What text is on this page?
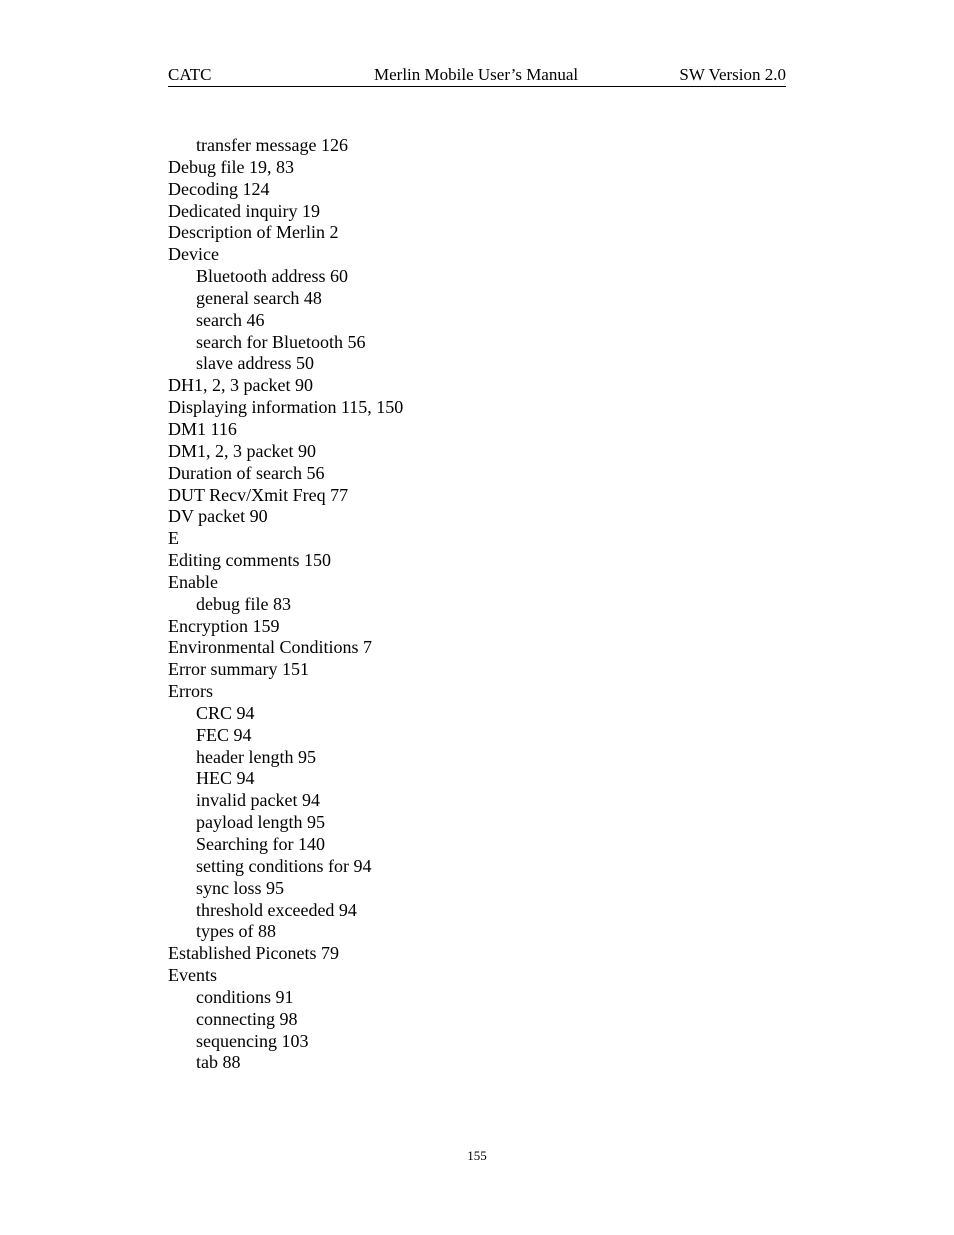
CATC	Merlin Mobile User’s Manual	SW Version 2.0
transfer message 126
Debug file 19, 83
Decoding 124
Dedicated inquiry 19
Description of Merlin 2
Device
Bluetooth address 60
general search 48
search 46
search for Bluetooth 56
slave address 50
DH1, 2, 3 packet 90
Displaying information 115, 150
DM1 116
DM1, 2, 3 packet 90
Duration of search 56
DUT Recv/Xmit Freq 77
DV packet 90
E
Editing comments 150
Enable
debug file 83
Encryption 159
Environmental Conditions 7
Error summary 151
Errors
CRC 94
FEC 94
header length 95
HEC 94
invalid packet 94
payload length 95
Searching for 140
setting conditions for 94
sync loss 95
threshold exceeded 94
types of 88
Established Piconets 79
Events
conditions 91
connecting 98
sequencing 103
tab 88
155
